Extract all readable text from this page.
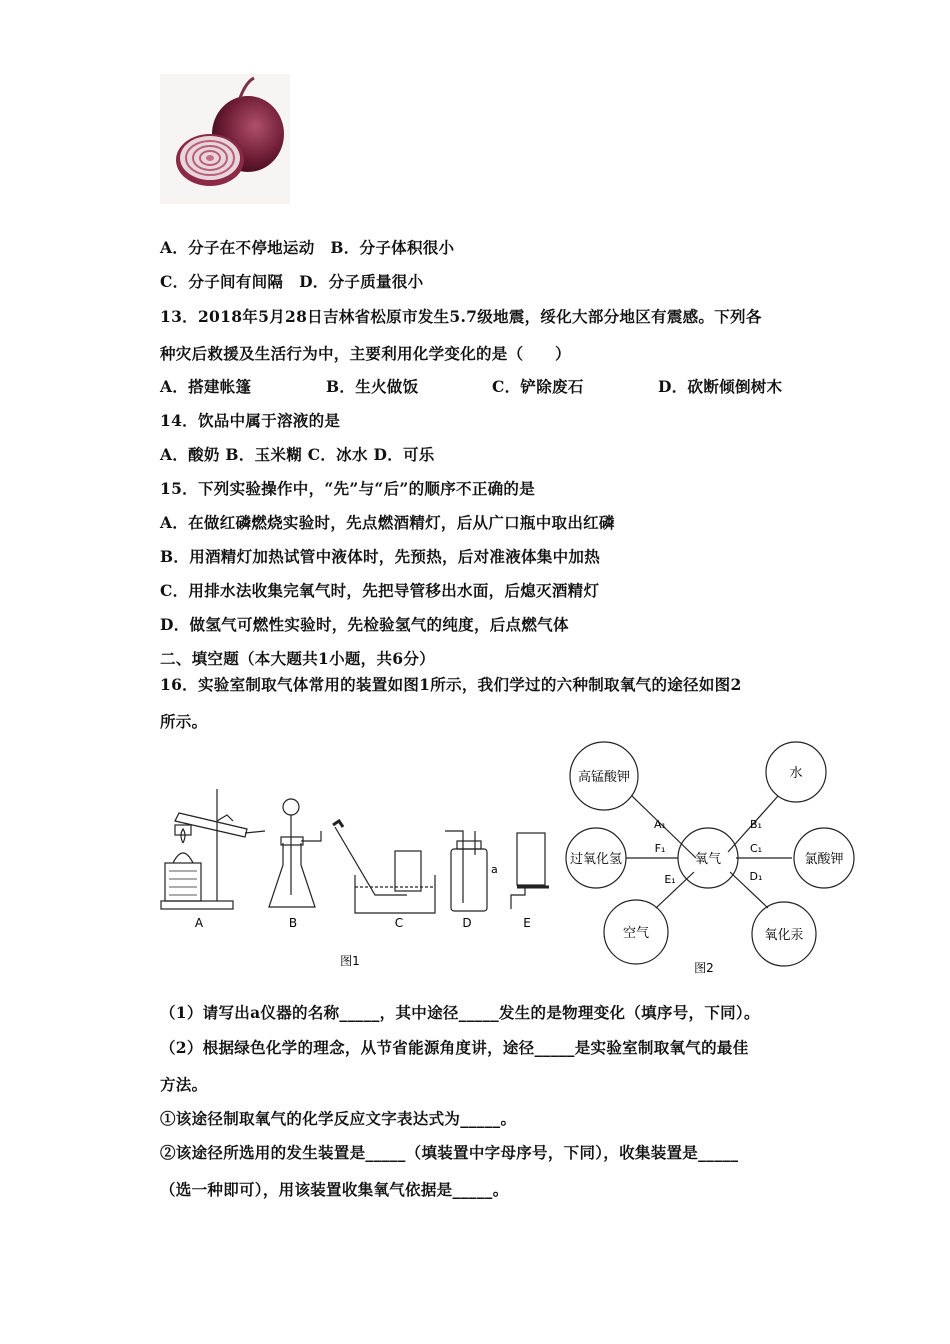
A．分子在不停地运动　 B．分子体积很小
C．分子间有间隔　 D．分子质量很小
13．2018年5月28日吉林省松原市发生5.7级地震，绥化大部分地区有震感。下列各
种灾后救援及生活行为中，主要利用化学变化的是（　　）
A．搭建帐篷	B．生火做饭	C．铲除废石	D．砍断倾倒树木
14．饮品中属于溶液的是
A．酸奶 B．玉米糊 C．冰水 D．可乐
15．下列实验操作中，“先”与“后”的顺序不正确的是
A．在做红磷燃烧实验时，先点燃酒精灯，后从广口瓶中取出红磷
B．用酒精灯加热试管中液体时，先预热，后对准液体集中加热
C．用排水法收集完氧气时，先把导管移出水面，后熄灭酒精灯
D．做氢气可燃性实验时，先检验氢气的纯度，后点燃气体
二、填空题（本大题共1小题，共6分）
16．实验室制取气体常用的装置如图1所示，我们学过的六种制取氧气的途径如图2
所示。
a
A	B	C	D	E
图1
氧气
高锰酸钾	水
过氧化氢	氯酸钾
空气	氧化汞
A₁	B₁
F₁	C₁
E₁	D₁
图2
（1）请写出a仪器的名称_____，其中途径_____发生的是物理变化（填序号，下同）。
（2）根据绿色化学的理念，从节省能源角度讲，途径_____是实验室制取氧气的最佳
方法。
①该途径制取氧气的化学反应文字表达式为_____。
②该途径所选用的发生装置是_____（填装置中字母序号，下同），收集装置是_____
（选一种即可），用该装置收集氧气依据是_____。
